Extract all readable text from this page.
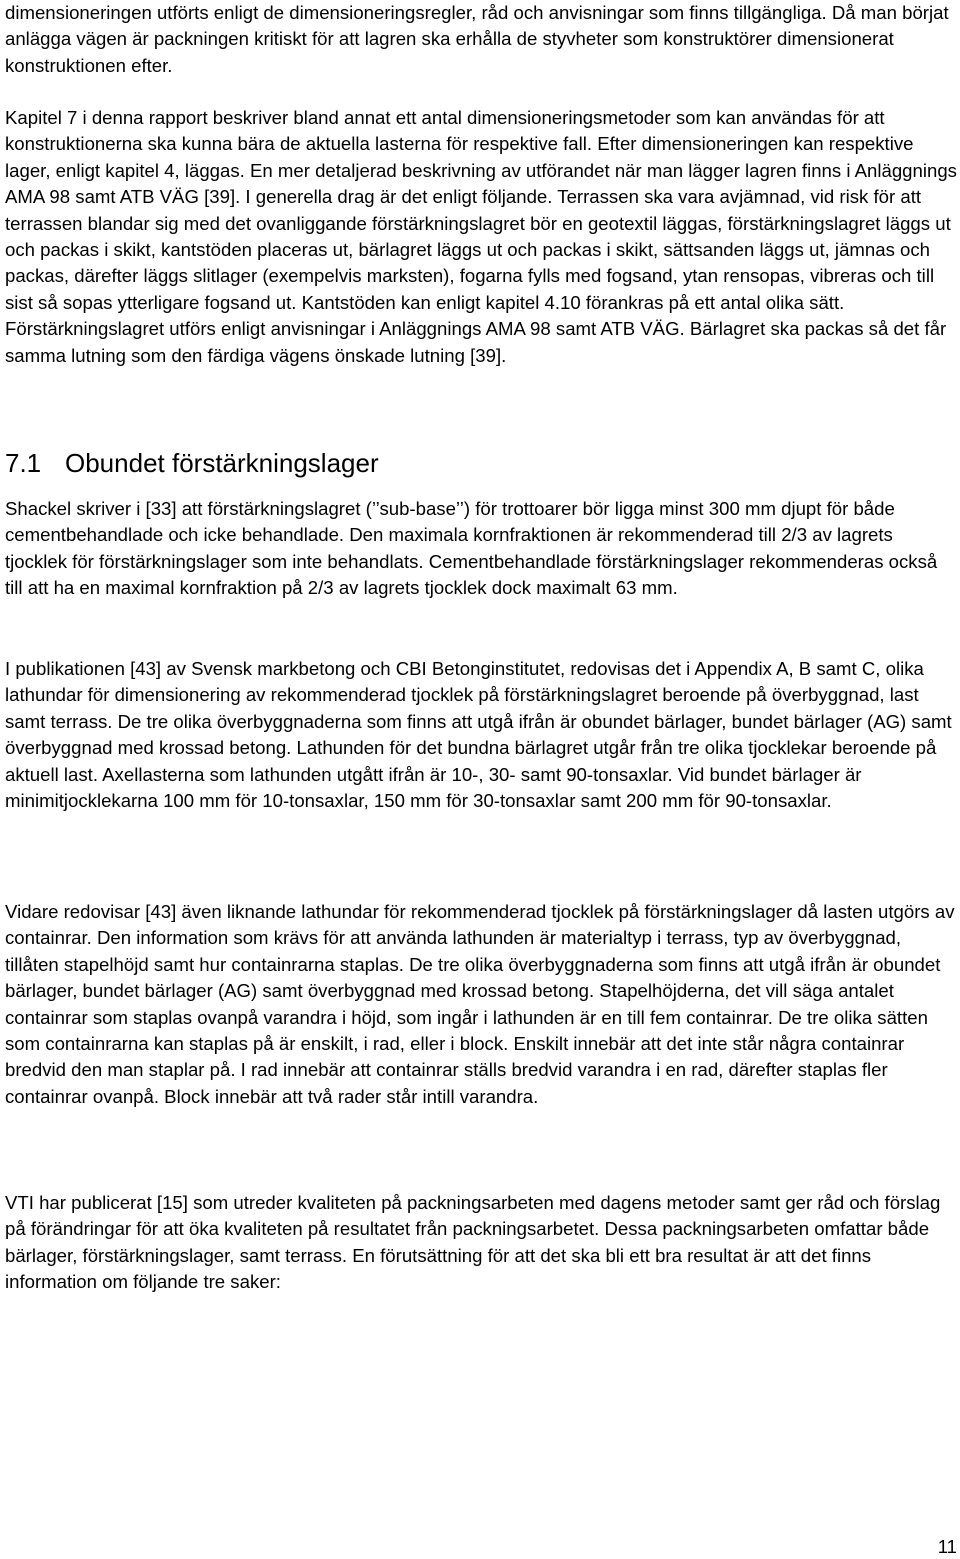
dimensioneringen utförts enligt de dimensioneringsregler, råd och anvisningar som finns tillgängliga. Då man börjat anlägga vägen är packningen kritiskt för att lagren ska erhålla de styvheter som konstruktörer dimensionerat konstruktionen efter.

Kapitel 7 i denna rapport beskriver bland annat ett antal dimensioneringsmetoder som kan användas för att konstruktionerna ska kunna bära de aktuella lasterna för respektive fall. Efter dimensioneringen kan respektive lager, enligt kapitel 4, läggas. En mer detaljerad beskrivning av utförandet när man lägger lagren finns i Anläggnings AMA 98 samt ATB VÄG [39]. I generella drag är det enligt följande. Terrassen ska vara avjämnad, vid risk för att terrassen blandar sig med det ovanliggande förstärkningslagret bör en geotextil läggas, förstärkningslagret läggs ut och packas i skikt, kantstöden placeras ut, bärlagret läggs ut och packas i skikt, sättsanden läggs ut, jämnas och packas, därefter läggs slitlager (exempelvis marksten), fogarna fylls med fogsand, ytan rensopas, vibreras och till sist så sopas ytterligare fogsand ut. Kantstöden kan enligt kapitel 4.10 förankras på ett antal olika sätt. Förstärkningslagret utförs enligt anvisningar i Anläggnings AMA 98 samt ATB VÄG. Bärlagret ska packas så det får samma lutning som den färdiga vägens önskade lutning [39].

7.1 Obundet förstärkningslager

Shackel skriver i [33] att förstärkningslagret (’’sub-base’’) för trottoarer bör ligga minst 300 mm djupt för både cementbehandlade och icke behandlade. Den maximala kornfraktionen är rekommenderad till 2/3 av lagrets tjocklek för förstärkningslager som inte behandlats. Cementbehandlade förstärkningslager rekommenderas också till att ha en maximal kornfraktion på 2/3 av lagrets tjocklek dock maximalt 63 mm.

I publikationen [43] av Svensk markbetong och CBI Betonginstitutet, redovisas det i Appendix A, B samt C, olika lathundar för dimensionering av rekommenderad tjocklek på förstärkningslagret beroende på överbyggnad, last samt terrass. De tre olika överbyggnaderna som finns att utgå ifrån är obundet bärlager, bundet bärlager (AG) samt överbyggnad med krossad betong. Lathunden för det bundna bärlagret utgår från tre olika tjocklekar beroende på aktuell last. Axellasterna som lathunden utgått ifrån är 10-, 30- samt 90-tonsaxlar. Vid bundet bärlager är minimitjocklekarna 100 mm för 10-tonsaxlar, 150 mm för 30-tonsaxlar samt 200 mm för 90-tonsaxlar.

Vidare redovisar [43] även liknande lathundar för rekommenderad tjocklek på förstärkningslager då lasten utgörs av containrar. Den information som krävs för att använda lathunden är materialtyp i terrass, typ av överbyggnad, tillåten stapelhöjd samt hur containrarna staplas. De tre olika överbyggnaderna som finns att utgå ifrån är obundet bärlager, bundet bärlager (AG) samt överbyggnad med krossad betong. Stapelhöjderna, det vill säga antalet containrar som staplas ovanpå varandra i höjd, som ingår i lathunden är en till fem containrar. De tre olika sätten som containrarna kan staplas på är enskilt, i rad, eller i block. Enskilt innebär att det inte står några containrar bredvid den man staplar på. I rad innebär att containrar ställs bredvid varandra i en rad, därefter staplas fler containrar ovanpå. Block innebär att två rader står intill varandra.

VTI har publicerat [15] som utreder kvaliteten på packningsarbeten med dagens metoder samt ger råd och förslag på förändringar för att öka kvaliteten på resultatet från packningsarbetet. Dessa packningsarbeten omfattar både bärlager, förstärkningslager, samt terrass. En förutsättning för att det ska bli ett bra resultat är att det finns information om följande tre saker:

11
